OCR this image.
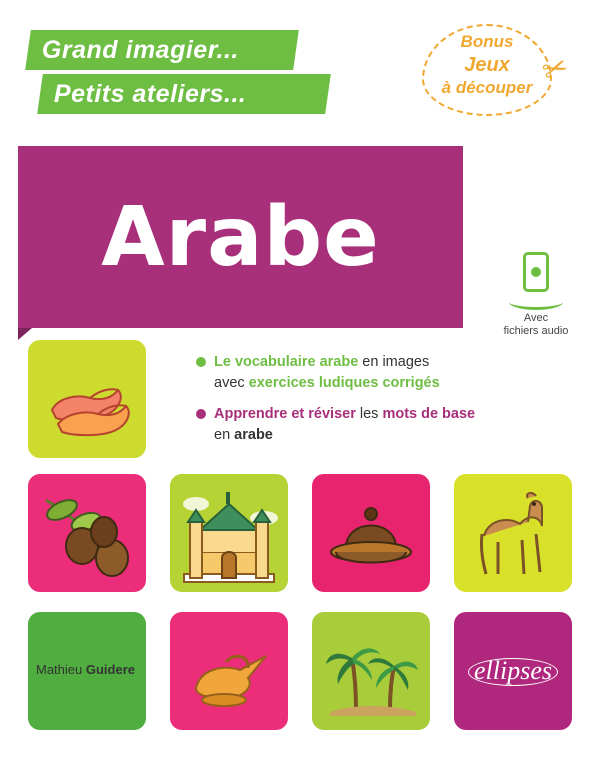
Grand imagier...
Petits ateliers...
Bonus
Jeux
à découper ✂
Arabe
Avec
fichiers audio
Le vocabulaire arabe en images
avec exercices ludiques corrigés
Apprendre et réviser les mots de base
en arabe
Mathieu Guidere	ellipses
